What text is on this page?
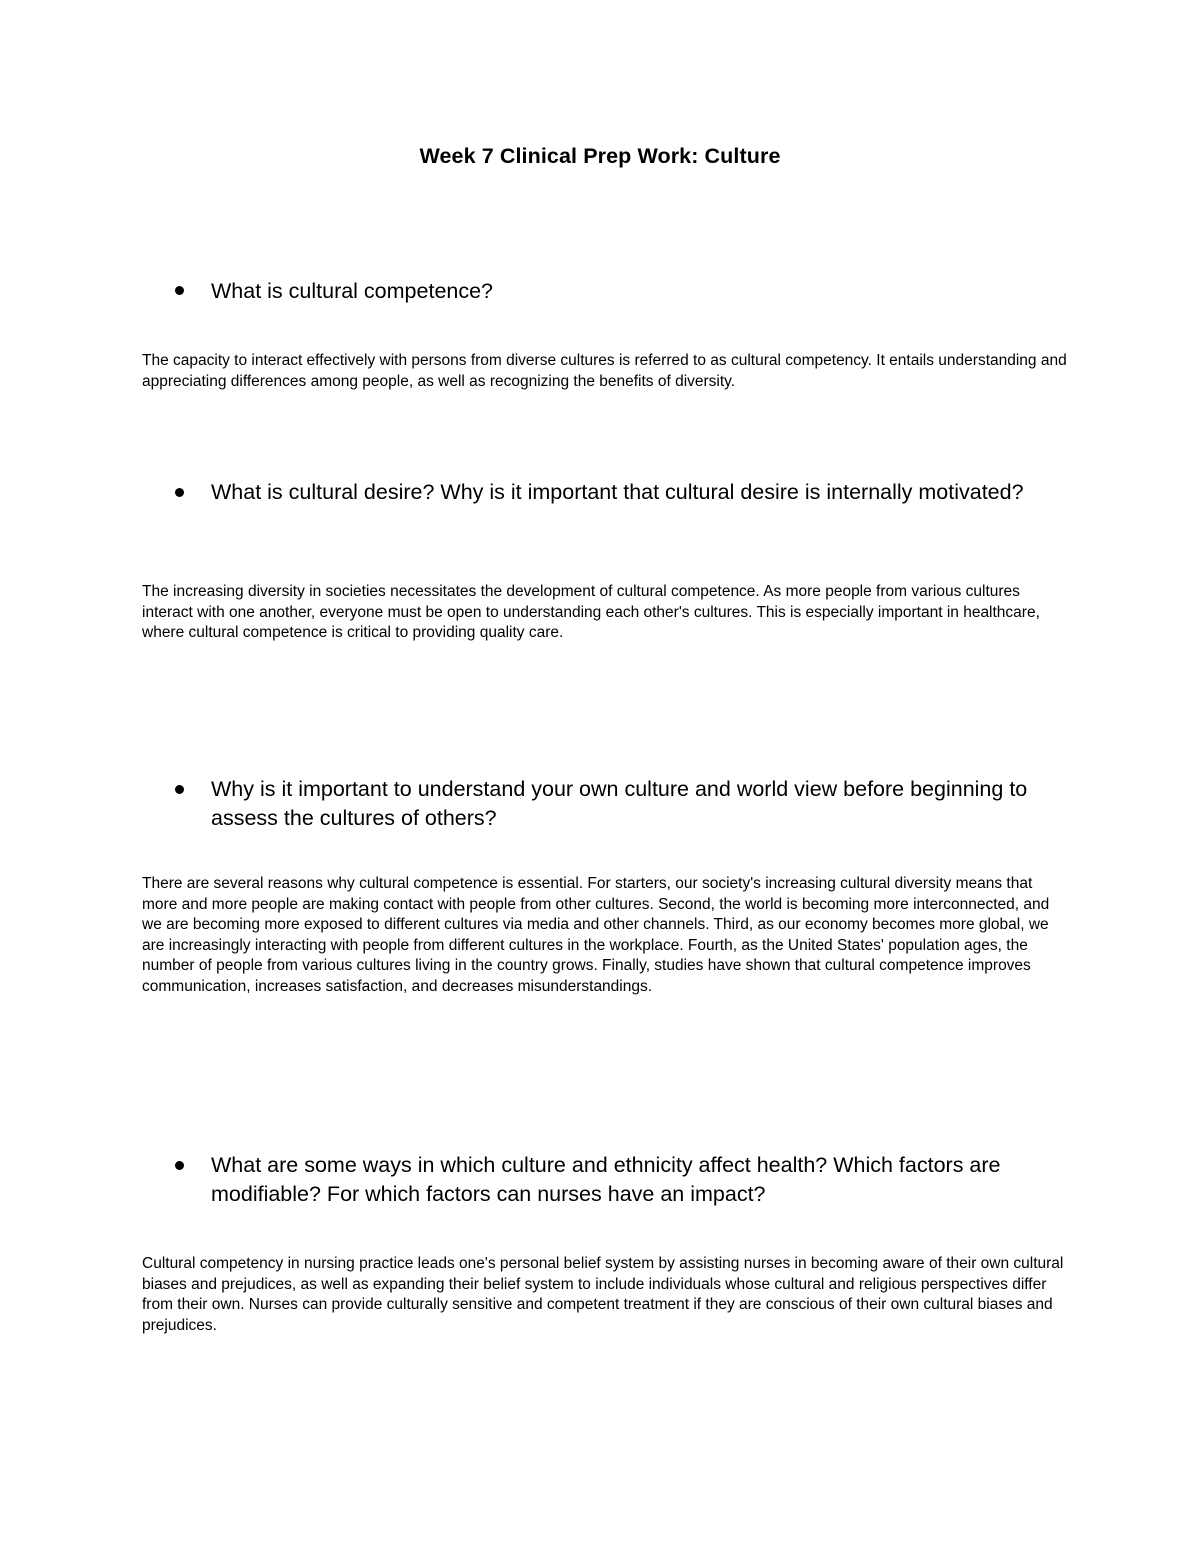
Week 7 Clinical Prep Work: Culture
What is cultural competence?
The capacity to interact effectively with persons from diverse cultures is referred to as cultural competency. It entails understanding and appreciating differences among people, as well as recognizing the benefits of diversity.
What is cultural desire? Why is it important that cultural desire is internally motivated?
The increasing diversity in societies necessitates the development of cultural competence. As more people from various cultures interact with one another, everyone must be open to understanding each other's cultures. This is especially important in healthcare, where cultural competence is critical to providing quality care.
Why is it important to understand your own culture and world view before beginning to assess the cultures of others?
There are several reasons why cultural competence is essential. For starters, our society's increasing cultural diversity means that more and more people are making contact with people from other cultures. Second, the world is becoming more interconnected, and we are becoming more exposed to different cultures via media and other channels. Third, as our economy becomes more global, we are increasingly interacting with people from different cultures in the workplace. Fourth, as the United States' population ages, the number of people from various cultures living in the country grows. Finally, studies have shown that cultural competence improves communication, increases satisfaction, and decreases misunderstandings.
What are some ways in which culture and ethnicity affect health? Which factors are modifiable? For which factors can nurses have an impact?
Cultural competency in nursing practice leads one's personal belief system by assisting nurses in becoming aware of their own cultural biases and prejudices, as well as expanding their belief system to include individuals whose cultural and religious perspectives differ from their own. Nurses can provide culturally sensitive and competent treatment if they are conscious of their own cultural biases and prejudices.
